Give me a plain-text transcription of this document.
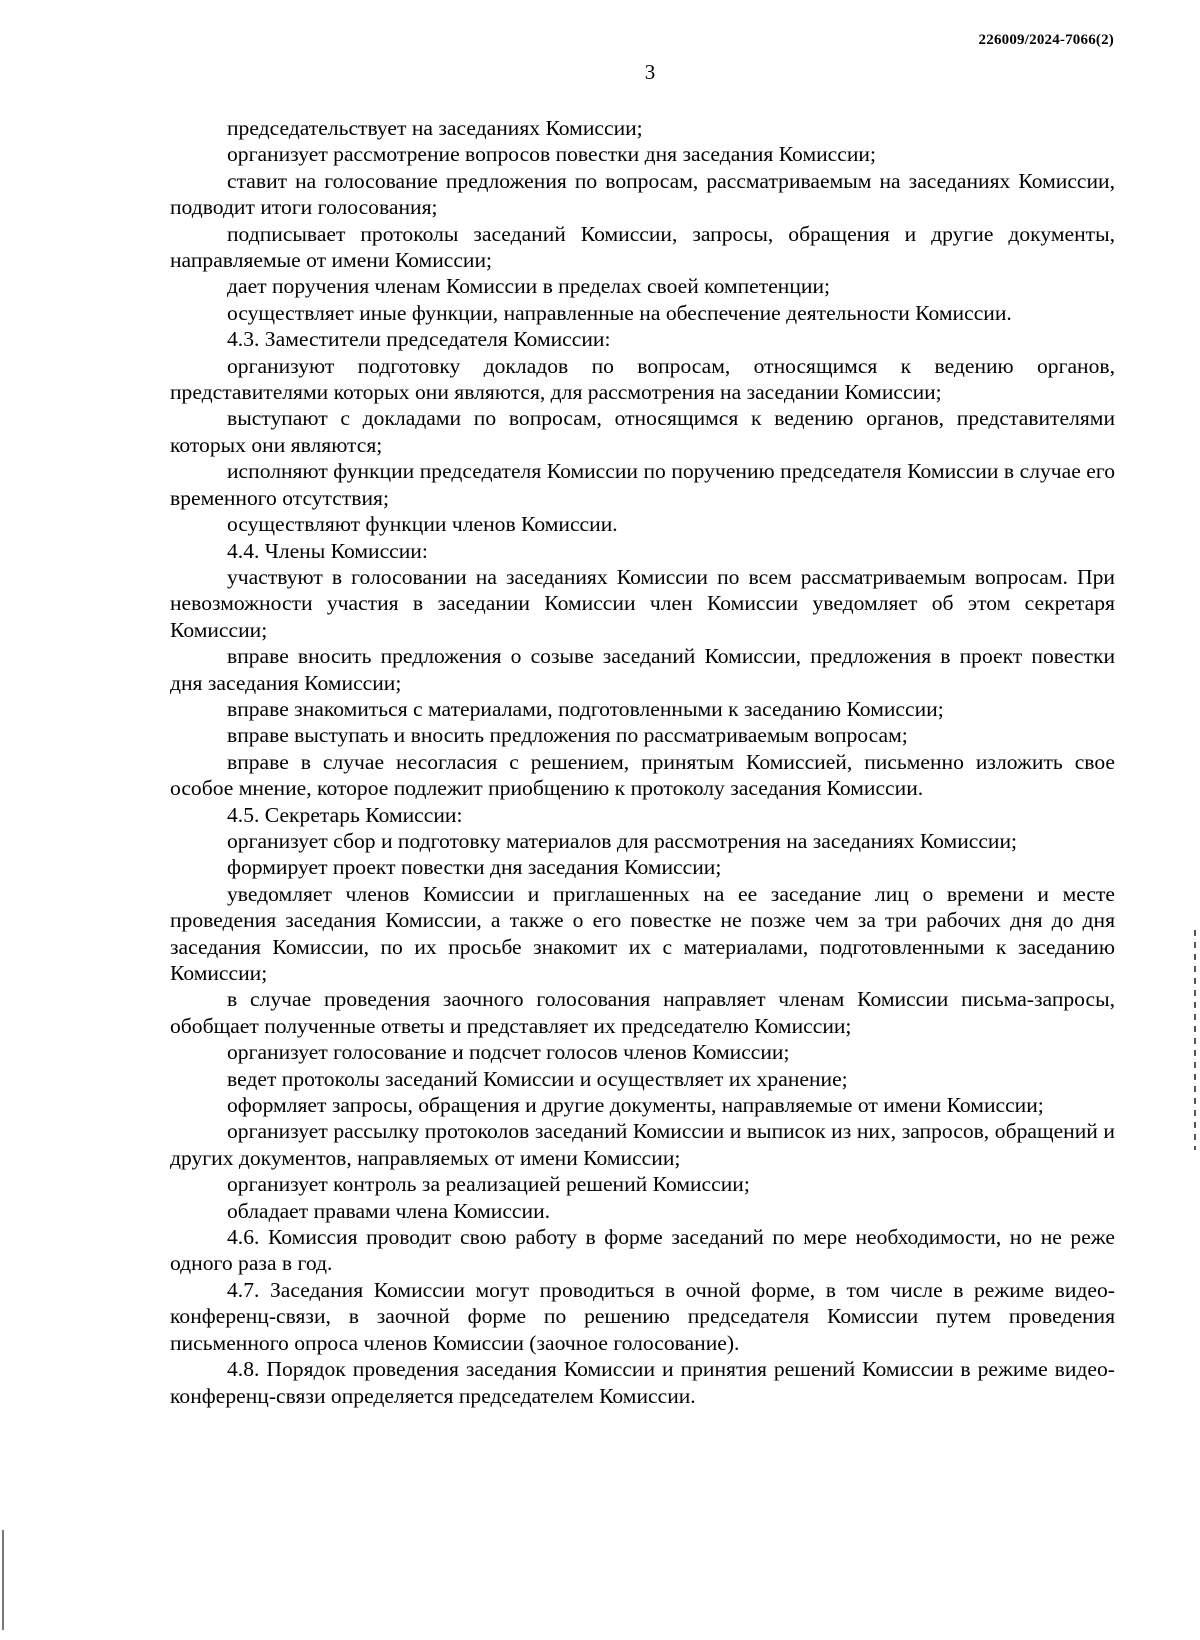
226009/2024-7066(2)
3

председательствует на заседаниях Комиссии;

организует рассмотрение вопросов повестки дня заседания Комиссии;

ставит на голосование предложения по вопросам, рассматриваемым на заседаниях Комиссии, подводит итоги голосования;

подписывает протоколы заседаний Комиссии, запросы, обращения и другие документы, направляемые от имени Комиссии;

дает поручения членам Комиссии в пределах своей компетенции;

осуществляет иные функции, направленные на обеспечение деятельности Комиссии.

4.3. Заместители председателя Комиссии:

организуют подготовку докладов по вопросам, относящимся к ведению органов, представителями которых они являются, для рассмотрения на заседании Комиссии;

выступают с докладами по вопросам, относящимся к ведению органов, представителями которых они являются;

исполняют функции председателя Комиссии по поручению председателя Комиссии в случае его временного отсутствия;

осуществляют функции членов Комиссии.

4.4. Члены Комиссии:

участвуют в голосовании на заседаниях Комиссии по всем рассматриваемым вопросам. При невозможности участия в заседании Комиссии член Комиссии уведомляет об этом секретаря Комиссии;

вправе вносить предложения о созыве заседаний Комиссии, предложения в проект повестки дня заседания Комиссии;

вправе знакомиться с материалами, подготовленными к заседанию Комиссии;

вправе выступать и вносить предложения по рассматриваемым вопросам;

вправе в случае несогласия с решением, принятым Комиссией, письменно изложить свое особое мнение, которое подлежит приобщению к протоколу заседания Комиссии.

4.5. Секретарь Комиссии:

организует сбор и подготовку материалов для рассмотрения на заседаниях Комиссии;

формирует проект повестки дня заседания Комиссии;

уведомляет членов Комиссии и приглашенных на ее заседание лиц о времени и месте проведения заседания Комиссии, а также о его повестке не позже чем за три рабочих дня до дня заседания Комиссии, по их просьбе знакомит их с материалами, подготовленными к заседанию Комиссии;

в случае проведения заочного голосования направляет членам Комиссии письма-запросы, обобщает полученные ответы и представляет их председателю Комиссии;

организует голосование и подсчет голосов членов Комиссии;

ведет протоколы заседаний Комиссии и осуществляет их хранение;

оформляет запросы, обращения и другие документы, направляемые от имени Комиссии;

организует рассылку протоколов заседаний Комиссии и выписок из них, запросов, обращений и других документов, направляемых от имени Комиссии;

организует контроль за реализацией решений Комиссии;

обладает правами члена Комиссии.

4.6. Комиссия проводит свою работу в форме заседаний по мере необходимости, но не реже одного раза в год.

4.7. Заседания Комиссии могут проводиться в очной форме, в том числе в режиме видео-конференц-связи, в заочной форме по решению председателя Комиссии путем проведения письменного опроса членов Комиссии (заочное голосование).

4.8. Порядок проведения заседания Комиссии и принятия решений Комиссии в режиме видео-конференц-связи определяется председателем Комиссии.
